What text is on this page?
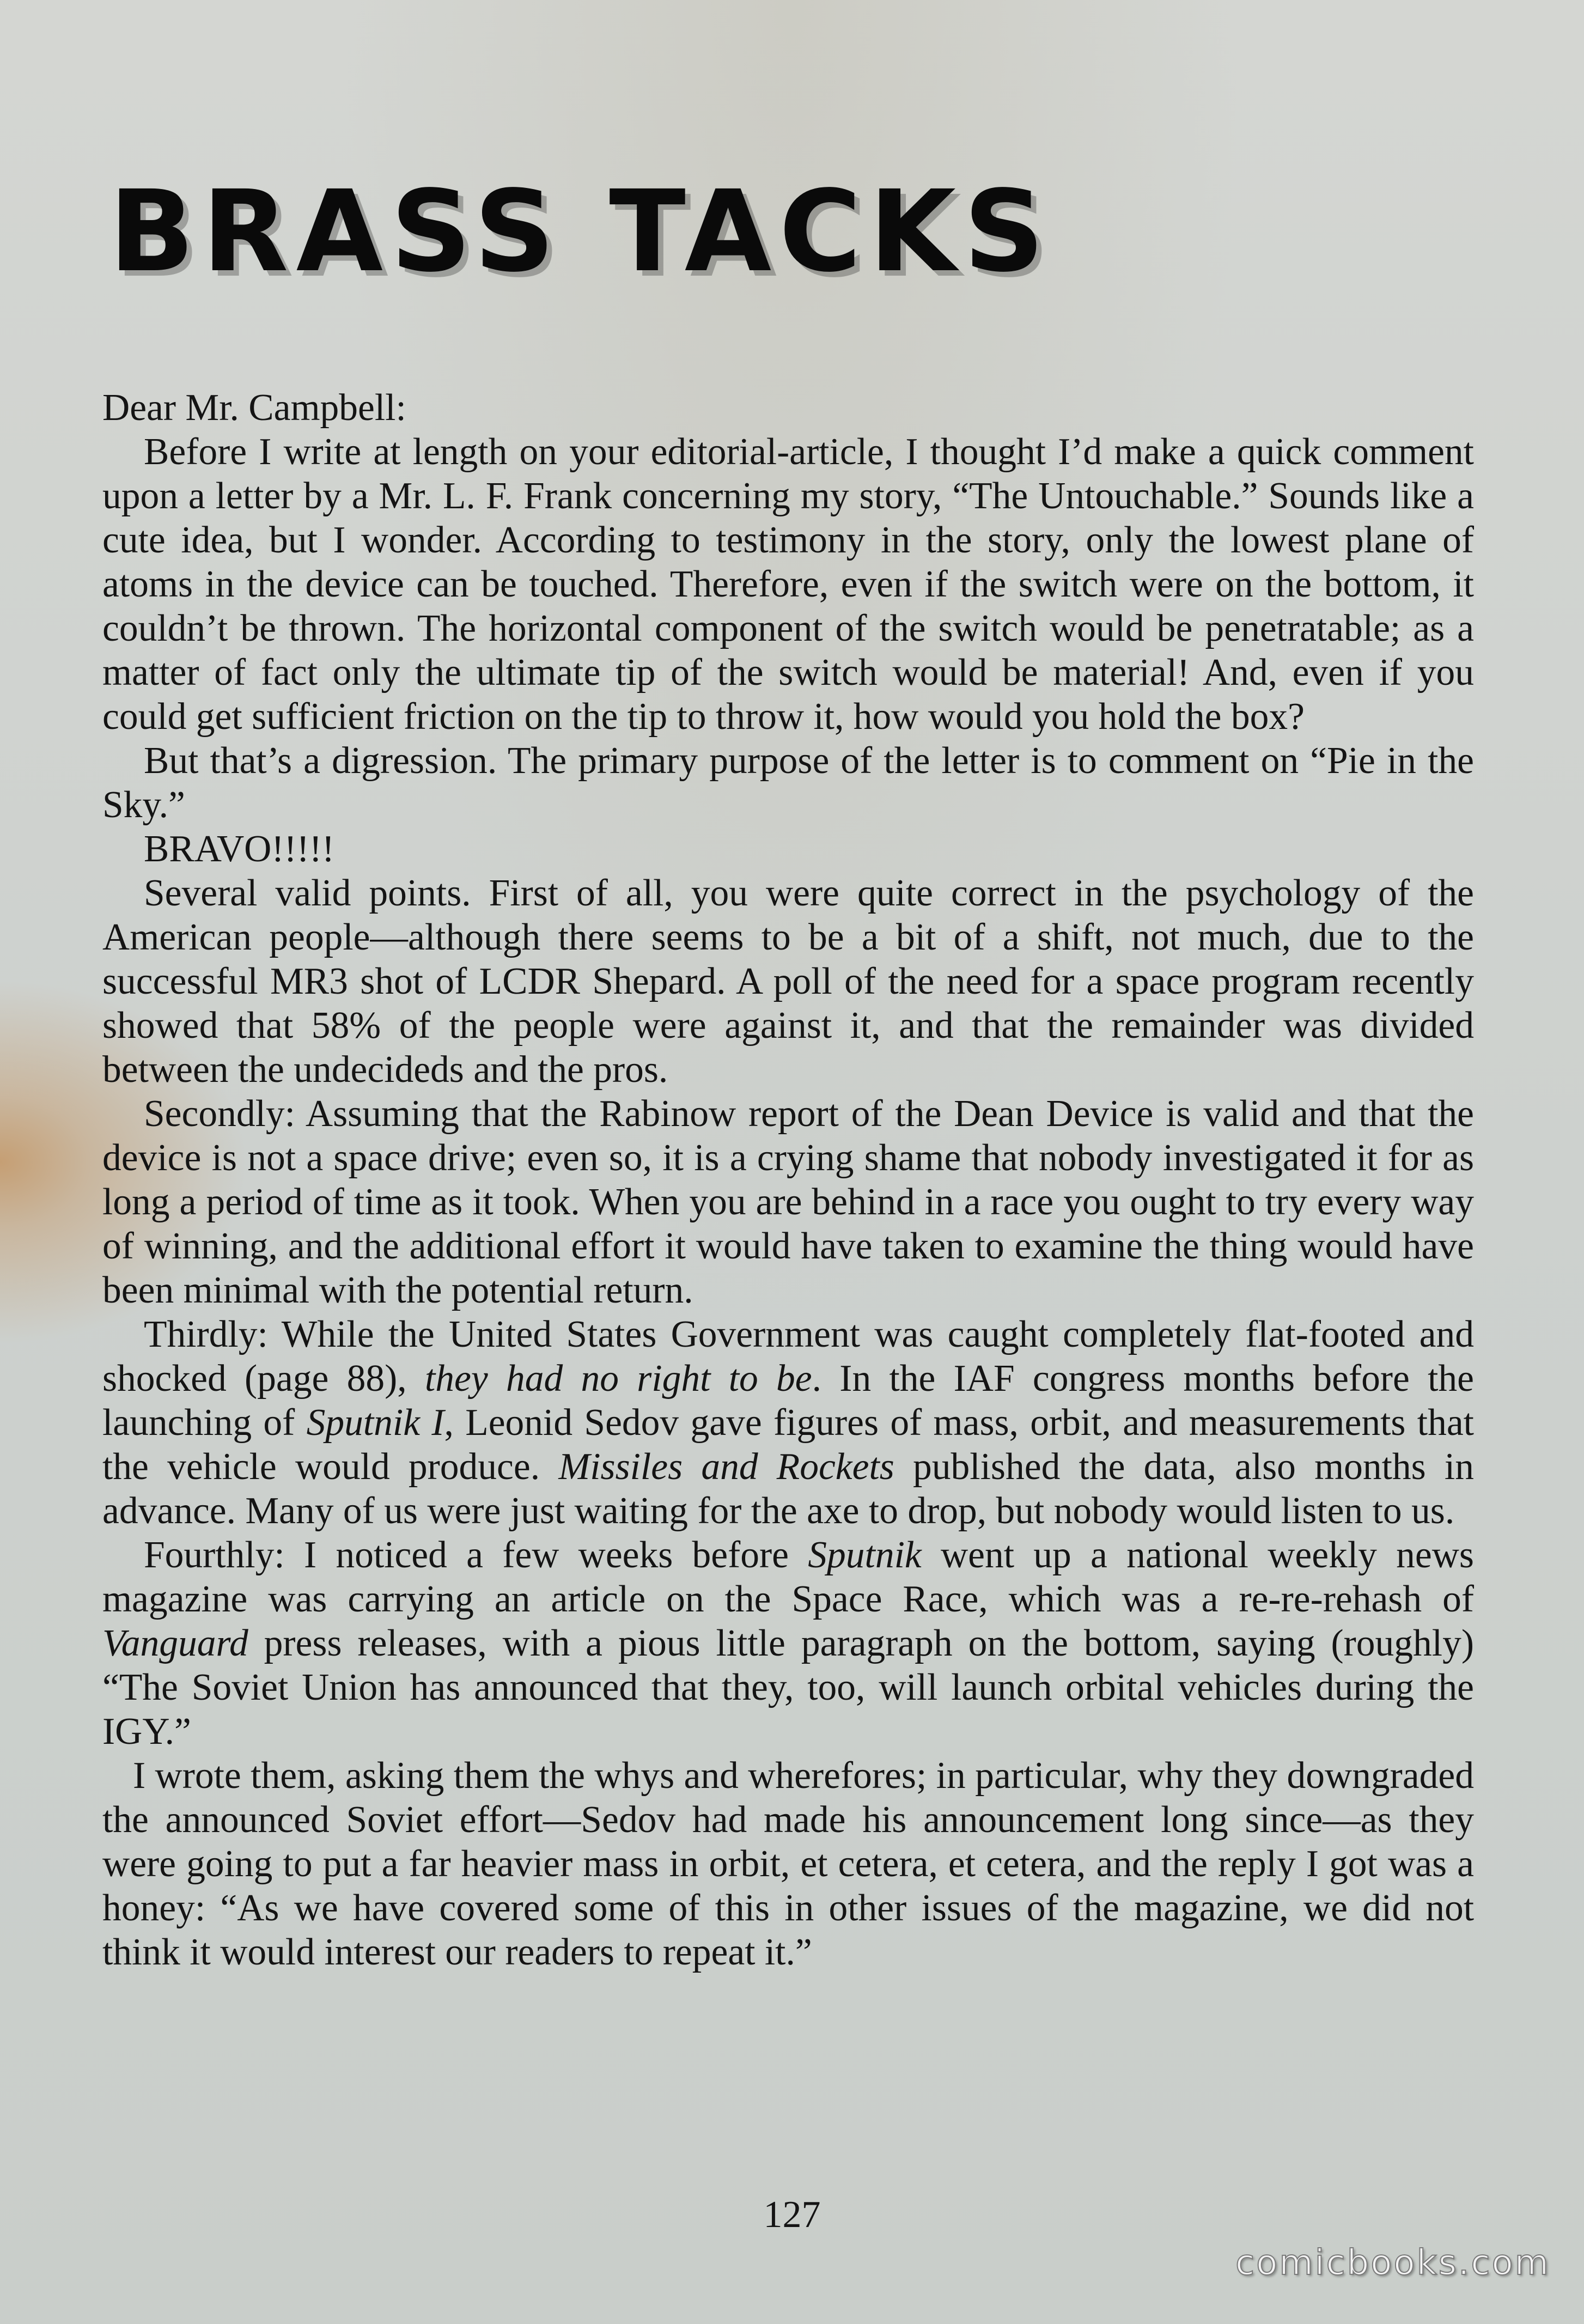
BRASS TACKS

Dear Mr. Campbell:

Before I write at length on your editorial-article, I thought I’d make a quick comment upon a letter by a Mr. L. F. Frank concerning my story, “The Untouchable.” Sounds like a cute idea, but I wonder. According to testimony in the story, only the lowest plane of atoms in the device can be touched. Therefore, even if the switch were on the bottom, it couldn’t be thrown. The horizontal component of the switch would be penetratable; as a matter of fact only the ultimate tip of the switch would be material! And, even if you could get sufficient friction on the tip to throw it, how would you hold the box?

But that’s a digression. The primary purpose of the letter is to comment on “Pie in the Sky.”

BRAVO!!!!!

Several valid points. First of all, you were quite correct in the psychology of the American people—although there seems to be a bit of a shift, not much, due to the successful MR3 shot of LCDR Shepard. A poll of the need for a space program recently showed that 58% of the people were against it, and that the remainder was divided between the undecideds and the pros.

Secondly: Assuming that the Rabinow report of the Dean Device is valid and that the device is not a space drive; even so, it is a crying shame that nobody investigated it for as long a period of time as it took. When you are behind in a race you ought to try every way of winning, and the additional effort it would have taken to examine the thing would have been minimal with the potential return.

Thirdly: While the United States Government was caught completely flat-footed and shocked (page 88), they had no right to be. In the IAF congress months before the launching of Sputnik I, Leonid Sedov gave figures of mass, orbit, and measurements that the vehicle would produce. Missiles and Rockets published the data, also months in advance. Many of us were just waiting for the axe to drop, but nobody would listen to us.

Fourthly: I noticed a few weeks before Sputnik went up a national weekly news magazine was carrying an article on the Space Race, which was a re-re-rehash of Vanguard press releases, with a pious little paragraph on the bottom, saying (roughly) “The Soviet Union has announced that they, too, will launch orbital vehicles during the IGY.”

I wrote them, asking them the whys and wherefores; in particular, why they downgraded the announced Soviet effort—Sedov had made his announcement long since—as they were going to put a far heavier mass in orbit, et cetera, et cetera, and the reply I got was a honey: “As we have covered some of this in other issues of the magazine, we did not think it would interest our readers to repeat it.”

127
comicbooks.com
